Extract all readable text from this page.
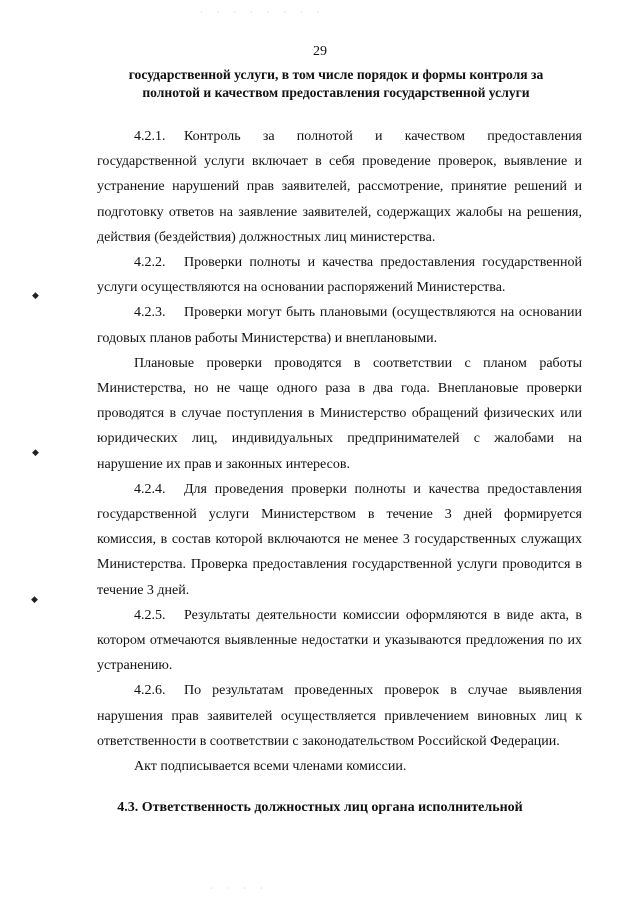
· · · · · · · ·
29
государственной услуги, в том числе порядок и формы контроля за
полнотой и качеством предоставления государственной услуги

4.2.1. Контроль за полнотой и качеством предоставления государственной услуги включает в себя проведение проверок, выявление и устранение нарушений прав заявителей, рассмотрение, принятие решений и подготовку ответов на заявление заявителей, содержащих жалобы на решения, действия (бездействия) должностных лиц министерства.

4.2.2. Проверки полноты и качества предоставления государственной услуги осуществляются на основании распоряжений Министерства.

4.2.3. Проверки могут быть плановыми (осуществляются на основании годовых планов работы Министерства) и внеплановыми.

Плановые проверки проводятся в соответствии с планом работы Министерства, но не чаще одного раза в два года. Внеплановые проверки проводятся в случае поступления в Министерство обращений физических или юридических лиц, индивидуальных предпринимателей с жалобами на нарушение их прав и законных интересов.

4.2.4. Для проведения проверки полноты и качества предоставления государственной услуги Министерством в течение 3 дней формируется комиссия, в состав которой включаются не менее 3 государственных служащих Министерства. Проверка предоставления государственной услуги проводится в течение 3 дней.

4.2.5. Результаты деятельности комиссии оформляются в виде акта, в котором отмечаются выявленные недостатки и указываются предложения по их устранению.

4.2.6. По результатам проведенных проверок в случае выявления нарушения прав заявителей осуществляется привлечением виновных лиц к ответственности в соответствии с законодательством Российской Федерации.

Акт подписывается всеми членами комиссии.

4.3. Ответственность должностных лиц органа исполнительной
◆
◆
◆
· · · ·
